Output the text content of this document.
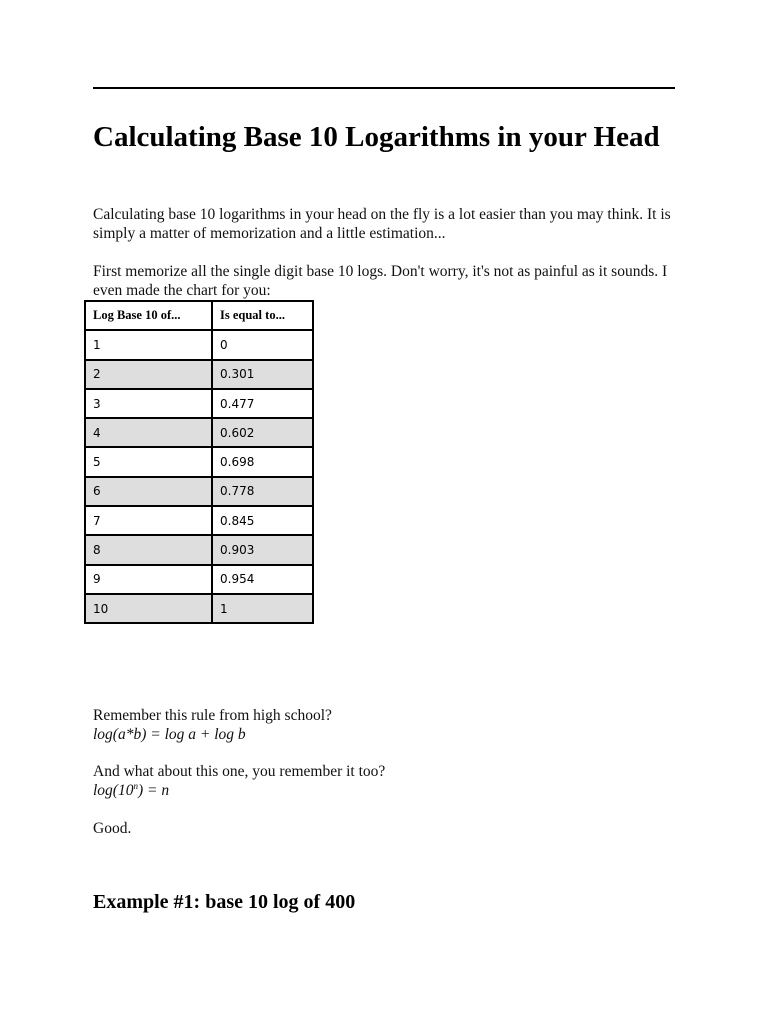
Calculating Base 10 Logarithms in your Head

Calculating base 10 logarithms in your head on the fly is a lot easier than you may think. It is simply a matter of memorization and a little estimation...

First memorize all the single digit base 10 logs. Don't worry, it's not as painful as it sounds. I even made the chart for you:

Log Base 10 of...	Is equal to...
1	0
2	0.301
3	0.477
4	0.602
5	0.698
6	0.778
7	0.845
8	0.903
9	0.954
10	1

Remember this rule from high school?

log(a*b) = log a + log b

And what about this one, you remember it too?

$\log(10^n) = n$

Good.

Example #1: base 10 log of 400
